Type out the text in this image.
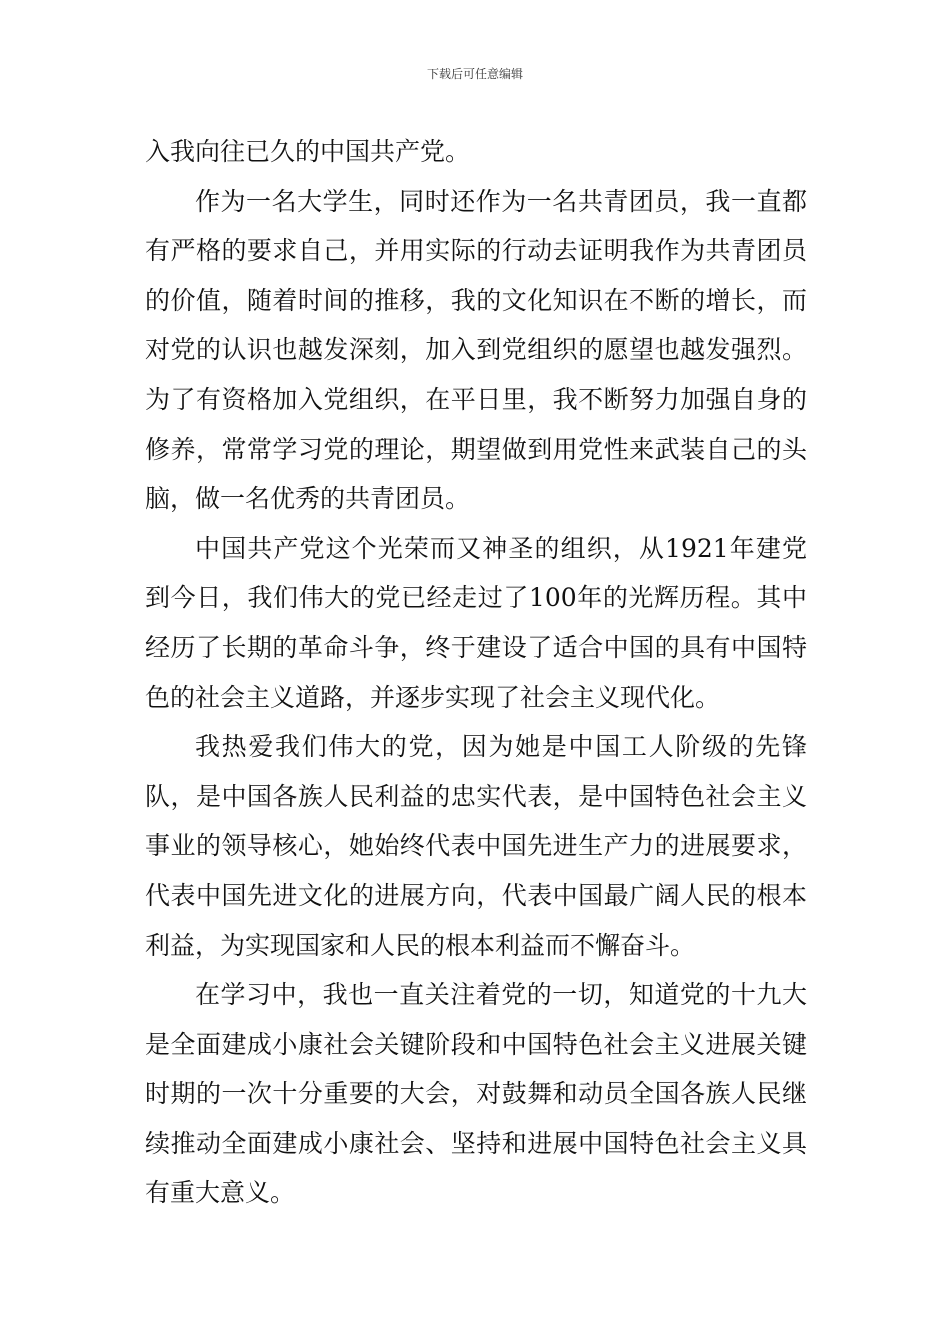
下载后可任意编辑

入我向往已久的中国共产党。

作为一名大学生，同时还作为一名共青团员，我一直都有严格的要求自己，并用实际的行动去证明我作为共青团员的价值，随着时间的推移，我的文化知识在不断的增长，而对党的认识也越发深刻，加入到党组织的愿望也越发强烈。为了有资格加入党组织，在平日里，我不断努力加强自身的修养，常常学习党的理论，期望做到用党性来武装自己的头脑，做一名优秀的共青团员。

中国共产党这个光荣而又神圣的组织，从1921年建党到今日，我们伟大的党已经走过了100年的光辉历程。其中经历了长期的革命斗争，终于建设了适合中国的具有中国特色的社会主义道路，并逐步实现了社会主义现代化。

我热爱我们伟大的党，因为她是中国工人阶级的先锋队，是中国各族人民利益的忠实代表，是中国特色社会主义事业的领导核心，她始终代表中国先进生产力的进展要求，代表中国先进文化的进展方向，代表中国最广阔人民的根本利益，为实现国家和人民的根本利益而不懈奋斗。

在学习中，我也一直关注着党的一切，知道党的十九大是全面建成小康社会关键阶段和中国特色社会主义进展关键时期的一次十分重要的大会，对鼓舞和动员全国各族人民继续推动全面建成小康社会、坚持和进展中国特色社会主义具有重大意义。
